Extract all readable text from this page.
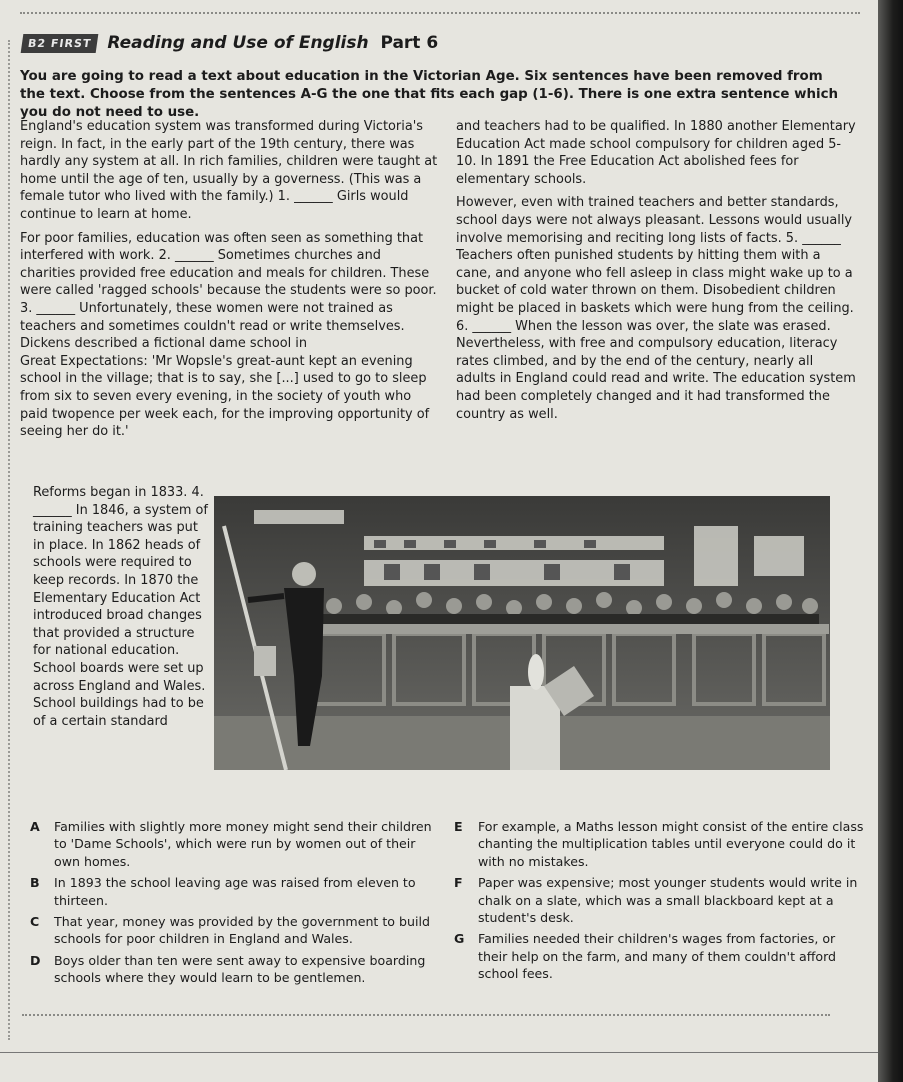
B2 FIRST Reading and Use of English Part 6
You are going to read a text about education in the Victorian Age. Six sentences have been removed from the text. Choose from the sentences A-G the one that fits each gap (1-6). There is one extra sentence which you do not need to use.

England's education system was transformed during Victoria's reign. In fact, in the early part of the 19th century, there was hardly any system at all. In rich families, children were taught at home until the age of ten, usually by a governess. (This was a female tutor who lived with the family.) 1. ______ Girls would continue to learn at home.

For poor families, education was often seen as something that interfered with work. 2. ______ Sometimes churches and charities provided free education and meals for children. These were called 'ragged schools' because the students were so poor. 3. ______ Unfortunately, these women were not trained as teachers and sometimes couldn't read or write themselves. Dickens described a fictional dame school in

Great Expectations: 'Mr Wopsle's great-aunt kept an evening school in the village; that is to say, she [...] used to go to sleep from six to seven every evening, in the society of youth who paid twopence per week each, for the improving opportunity of seeing her do it.'

Reforms began in 1833. 4. ______ In 1846, a system of training teachers was put in place. In 1862 heads of schools were required to keep records. In 1870 the Elementary Education Act introduced broad changes that provided a structure for national education. School boards were set up across England and Wales. School buildings had to be of a certain standard

and teachers had to be qualified. In 1880 another Elementary Education Act made school compulsory for children aged 5-10. In 1891 the Free Education Act abolished fees for elementary schools.

However, even with trained teachers and better standards, school days were not always pleasant. Lessons would usually involve memorising and reciting long lists of facts. 5. ______ Teachers often punished students by hitting them with a cane, and anyone who fell asleep in class might wake up to a bucket of cold water thrown on them. Disobedient children might be placed in baskets which were hung from the ceiling. 6. ______ When the lesson was over, the slate was erased.

Nevertheless, with free and compulsory education, literacy rates climbed, and by the end of the century, nearly all adults in England could read and write. The education system had been completely changed and it had transformed the country as well.

A	Families with slightly more money might send their children to 'Dame Schools', which were run by women out of their own homes.
B	In 1893 the school leaving age was raised from eleven to thirteen.
C	That year, money was provided by the government to build schools for poor children in England and Wales.
D	Boys older than ten were sent away to expensive boarding schools where they would learn to be gentlemen.
E	For example, a Maths lesson might consist of the entire class chanting the multiplication tables until everyone could do it with no mistakes.
F	Paper was expensive; most younger students would write in chalk on a slate, which was a small blackboard kept at a student's desk.
G	Families needed their children's wages from factories, or their help on the farm, and many of them couldn't afford school fees.
